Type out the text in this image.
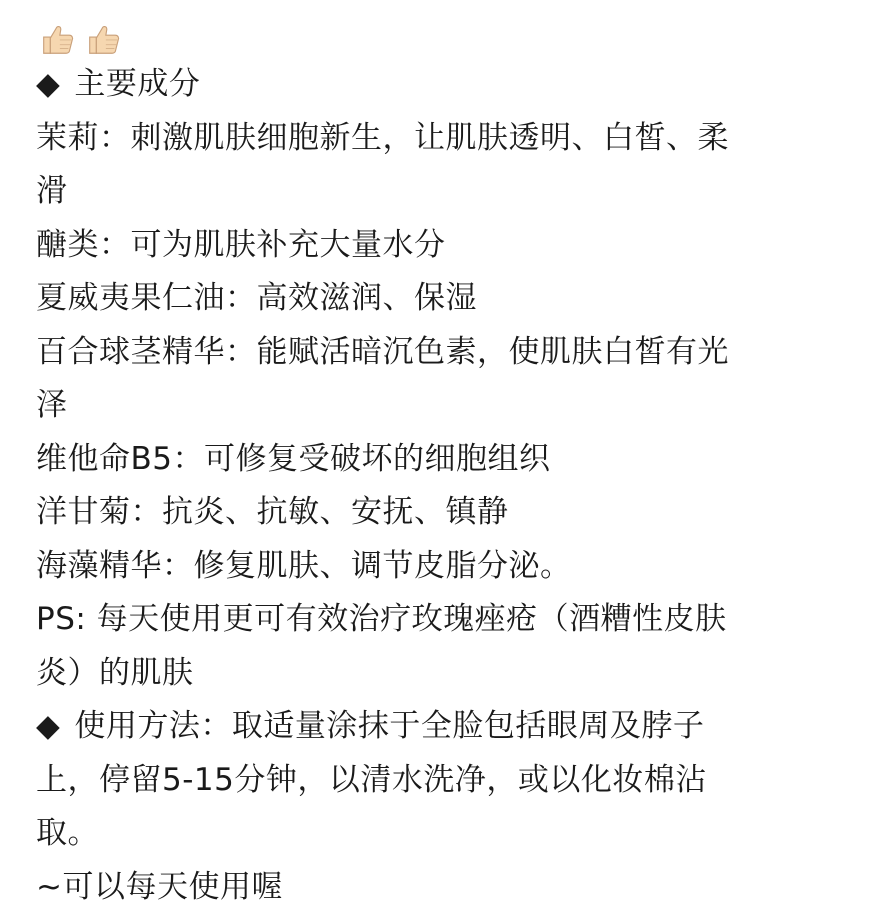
◆ 主要成分
茉莉：刺激肌肤细胞新生，让肌肤透明、白皙、柔
滑
醣类：可为肌肤补充大量水分
夏威夷果仁油：高效滋润、保湿
百合球茎精华：能赋活暗沉色素，使肌肤白皙有光
泽
维他命B5：可修复受破坏的细胞组织
洋甘菊：抗炎、抗敏、安抚、镇静
海藻精华：修复肌肤、调节皮脂分泌。
PS: 每天使用更可有效治疗玫瑰痤疮（酒糟性皮肤
炎）的肌肤
◆ 使用方法：取适量涂抹于全脸包括眼周及脖子
上，停留5-15分钟，以清水洗净，或以化妆棉沾
取。
~可以每天使用喔
